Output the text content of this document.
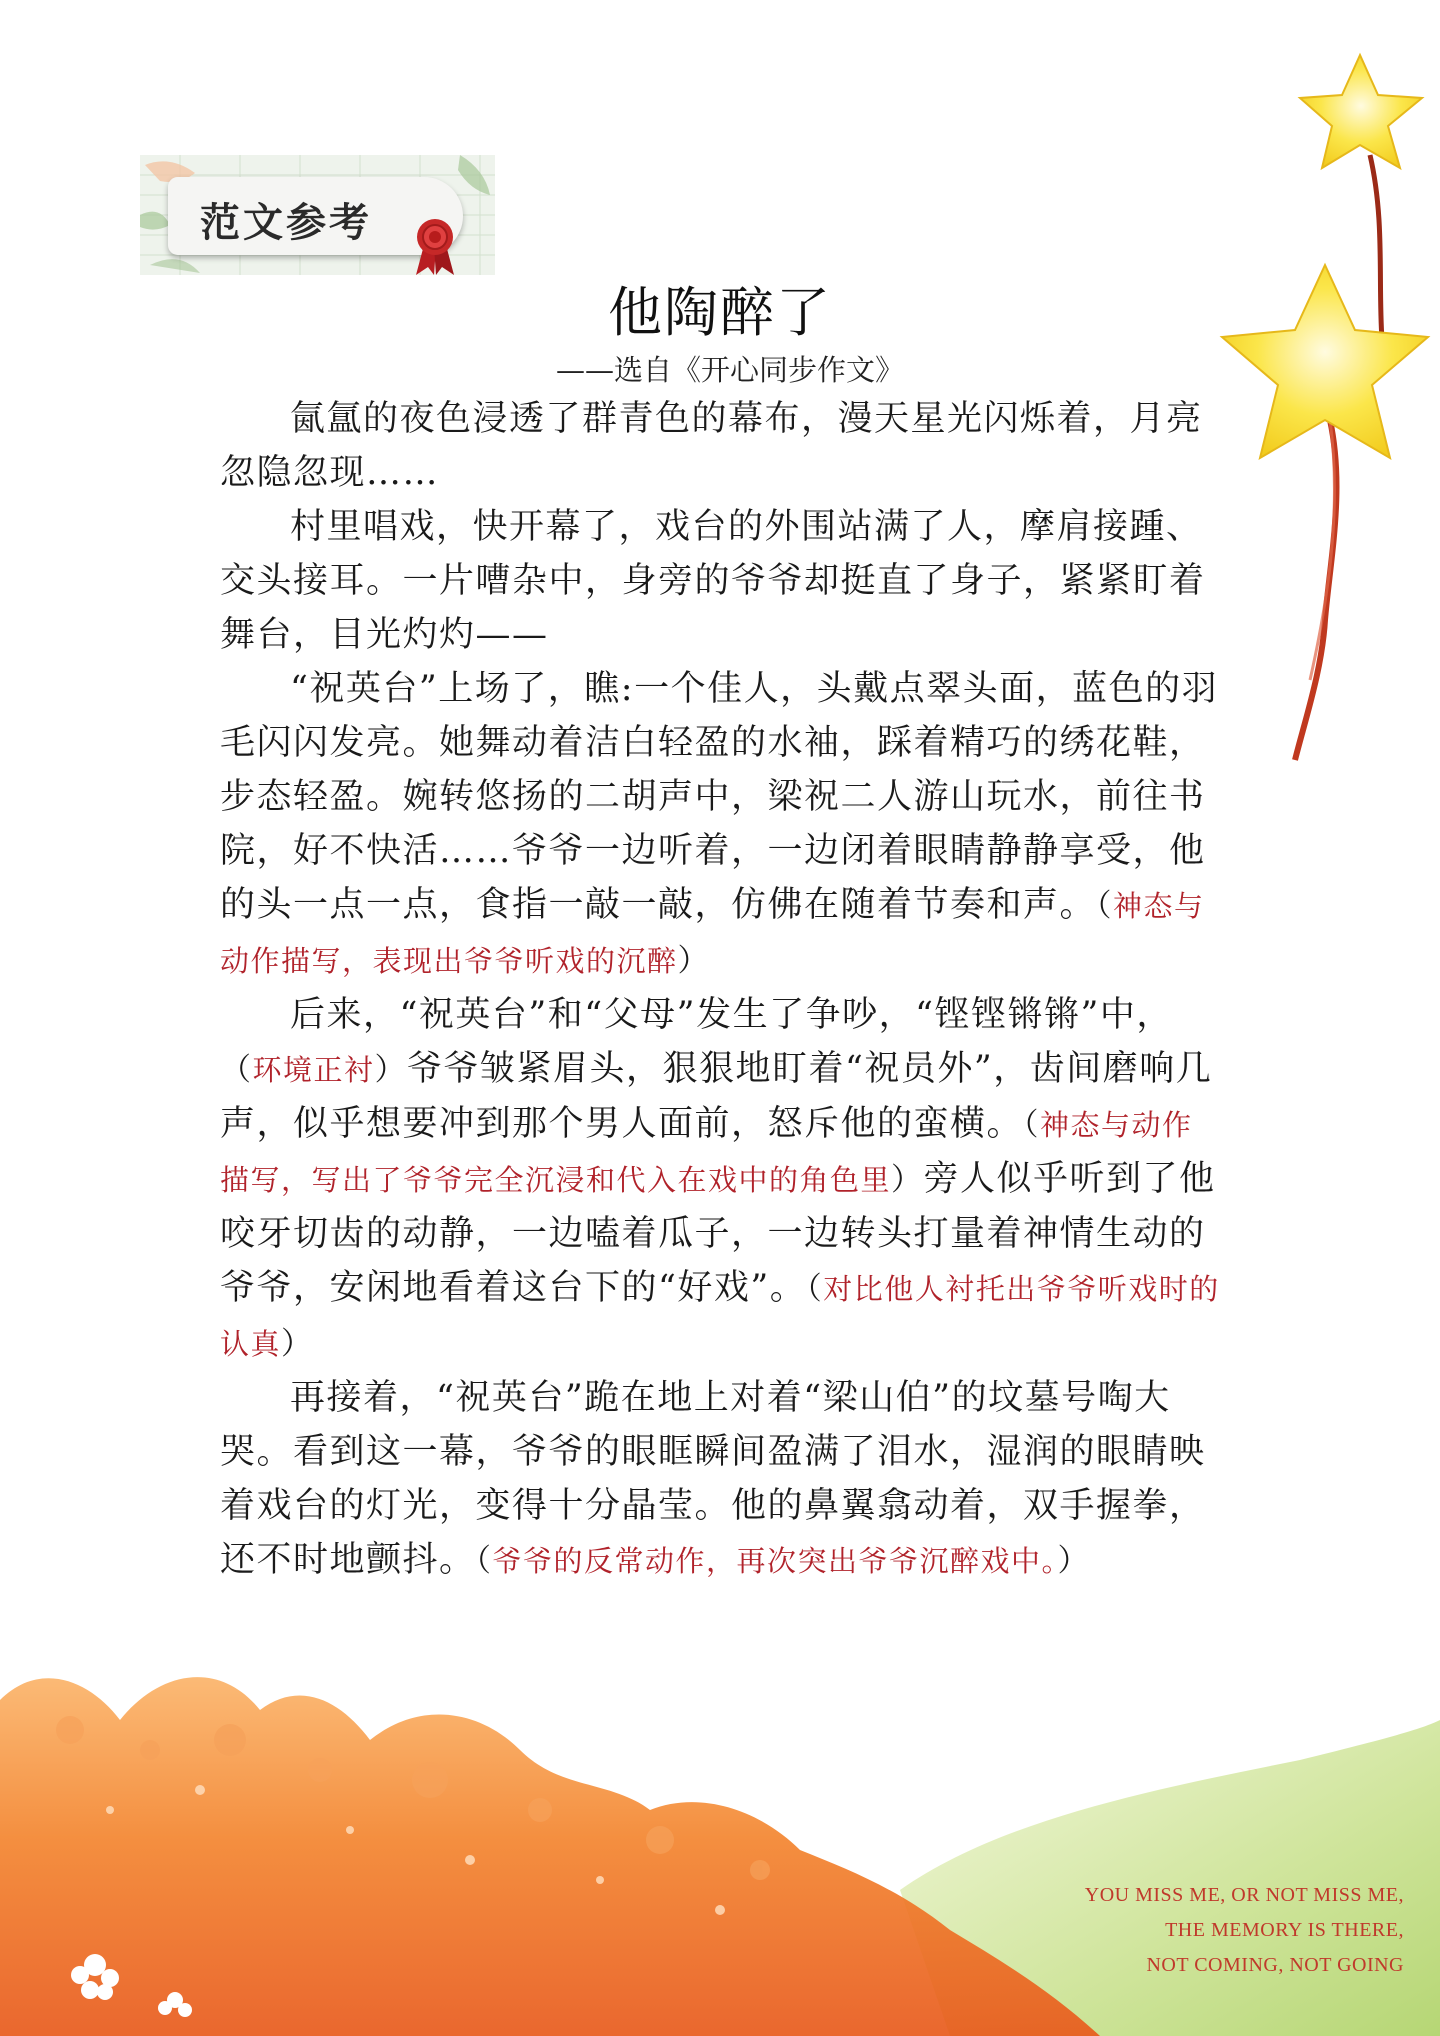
范文参考
他陶醉了
——选自《开心同步作文》

氤氲的夜色浸透了群青色的幕布，漫天星光闪烁着，月亮忽隐忽现……

村里唱戏，快开幕了，戏台的外围站满了人，摩肩接踵、交头接耳。一片嘈杂中，身旁的爷爷却挺直了身子，紧紧盯着舞台，目光灼灼——

“祝英台”上场了，瞧:一个佳人，头戴点翠头面，蓝色的羽毛闪闪发亮。她舞动着洁白轻盈的水袖，踩着精巧的绣花鞋，步态轻盈。婉转悠扬的二胡声中，梁祝二人游山玩水，前往书院，好不快活……爷爷一边听着，一边闭着眼睛静静享受，他的头一点一点，食指一敲一敲，仿佛在随着节奏和声。（神态与动作描写，表现出爷爷听戏的沉醉）

后来，“祝英台”和“父母”发生了争吵，“铿铿锵锵”中，（环境正衬）爷爷皱紧眉头，狠狠地盯着“祝员外”，齿间磨响几声，似乎想要冲到那个男人面前，怒斥他的蛮横。（神态与动作描写，写出了爷爷完全沉浸和代入在戏中的角色里）旁人似乎听到了他咬牙切齿的动静，一边嗑着瓜子，一边转头打量着神情生动的爷爷，安闲地看着这台下的“好戏”。（对比他人衬托出爷爷听戏时的认真）

再接着，“祝英台”跪在地上对着“梁山伯”的坟墓号啕大哭。看到这一幕，爷爷的眼眶瞬间盈满了泪水，湿润的眼睛映着戏台的灯光，变得十分晶莹。他的鼻翼翕动着，双手握拳，还不时地颤抖。（爷爷的反常动作，再次突出爷爷沉醉戏中。）

YOU MISS ME, OR NOT MISS ME,
THE MEMORY IS THERE,
NOT COMING, NOT GOING
